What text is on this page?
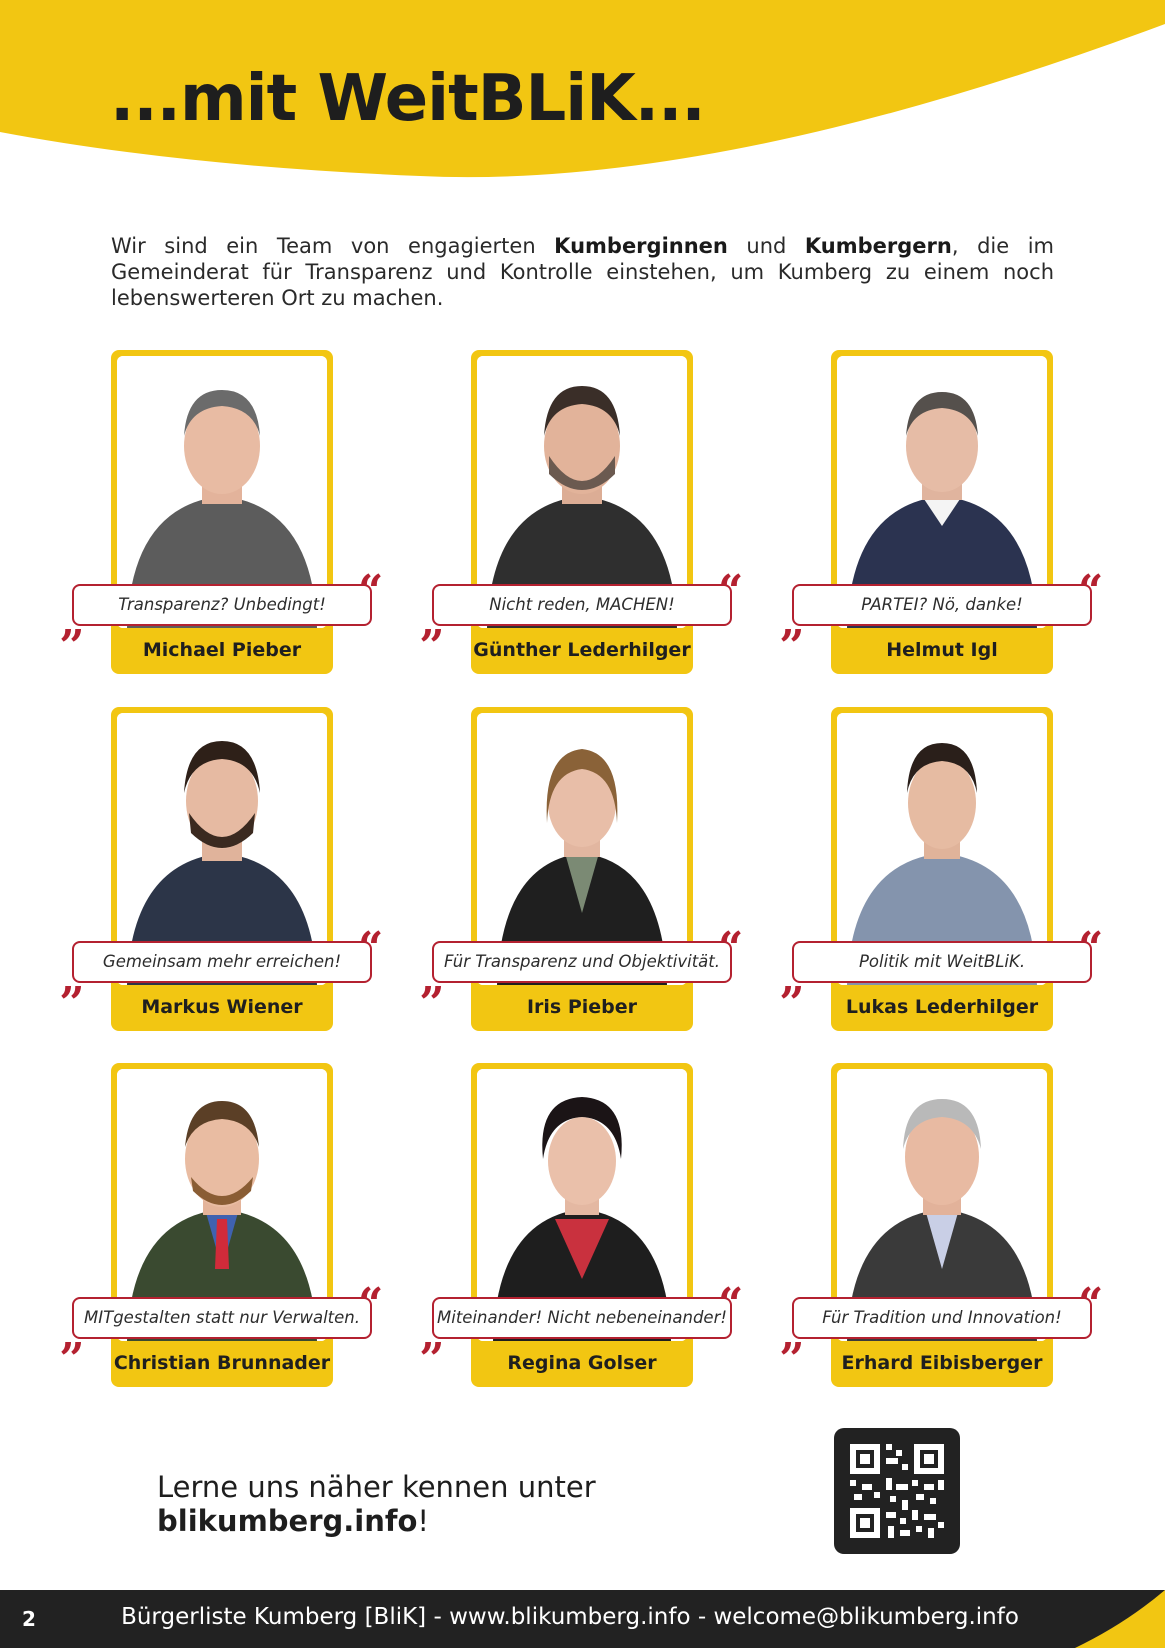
...mit WeitBLiK...

Wir sind ein Team von engagierten Kumberginnen und Kumbergern, die im Gemeinderat für Transparenz und Kontrolle einstehen, um Kumberg zu einem noch lebenswerteren Ort zu machen.

Michael Pieber
Transparenz? Unbedingt!
„
“
Günther Lederhilger
Nicht reden, MACHEN!
„
“
Helmut Igl
PARTEI? Nö, danke!
„
“
Markus Wiener
Gemeinsam mehr erreichen!
„
“
Iris Pieber
Für Transparenz und Objektivität.
„
“
Lukas Lederhilger
Politik mit WeitBLiK.
„
“
Christian Brunnader
MITgestalten statt nur Verwalten.
„
“
Regina Golser
Miteinander! Nicht nebeneinander!
„
“
Erhard Eibisberger
Für Tradition und Innovation!
„
“

Lerne uns näher kennen unter blikumberg.info!

2	Bürgerliste Kumberg [BliK] - www.blikumberg.info - welcome@blikumberg.info
